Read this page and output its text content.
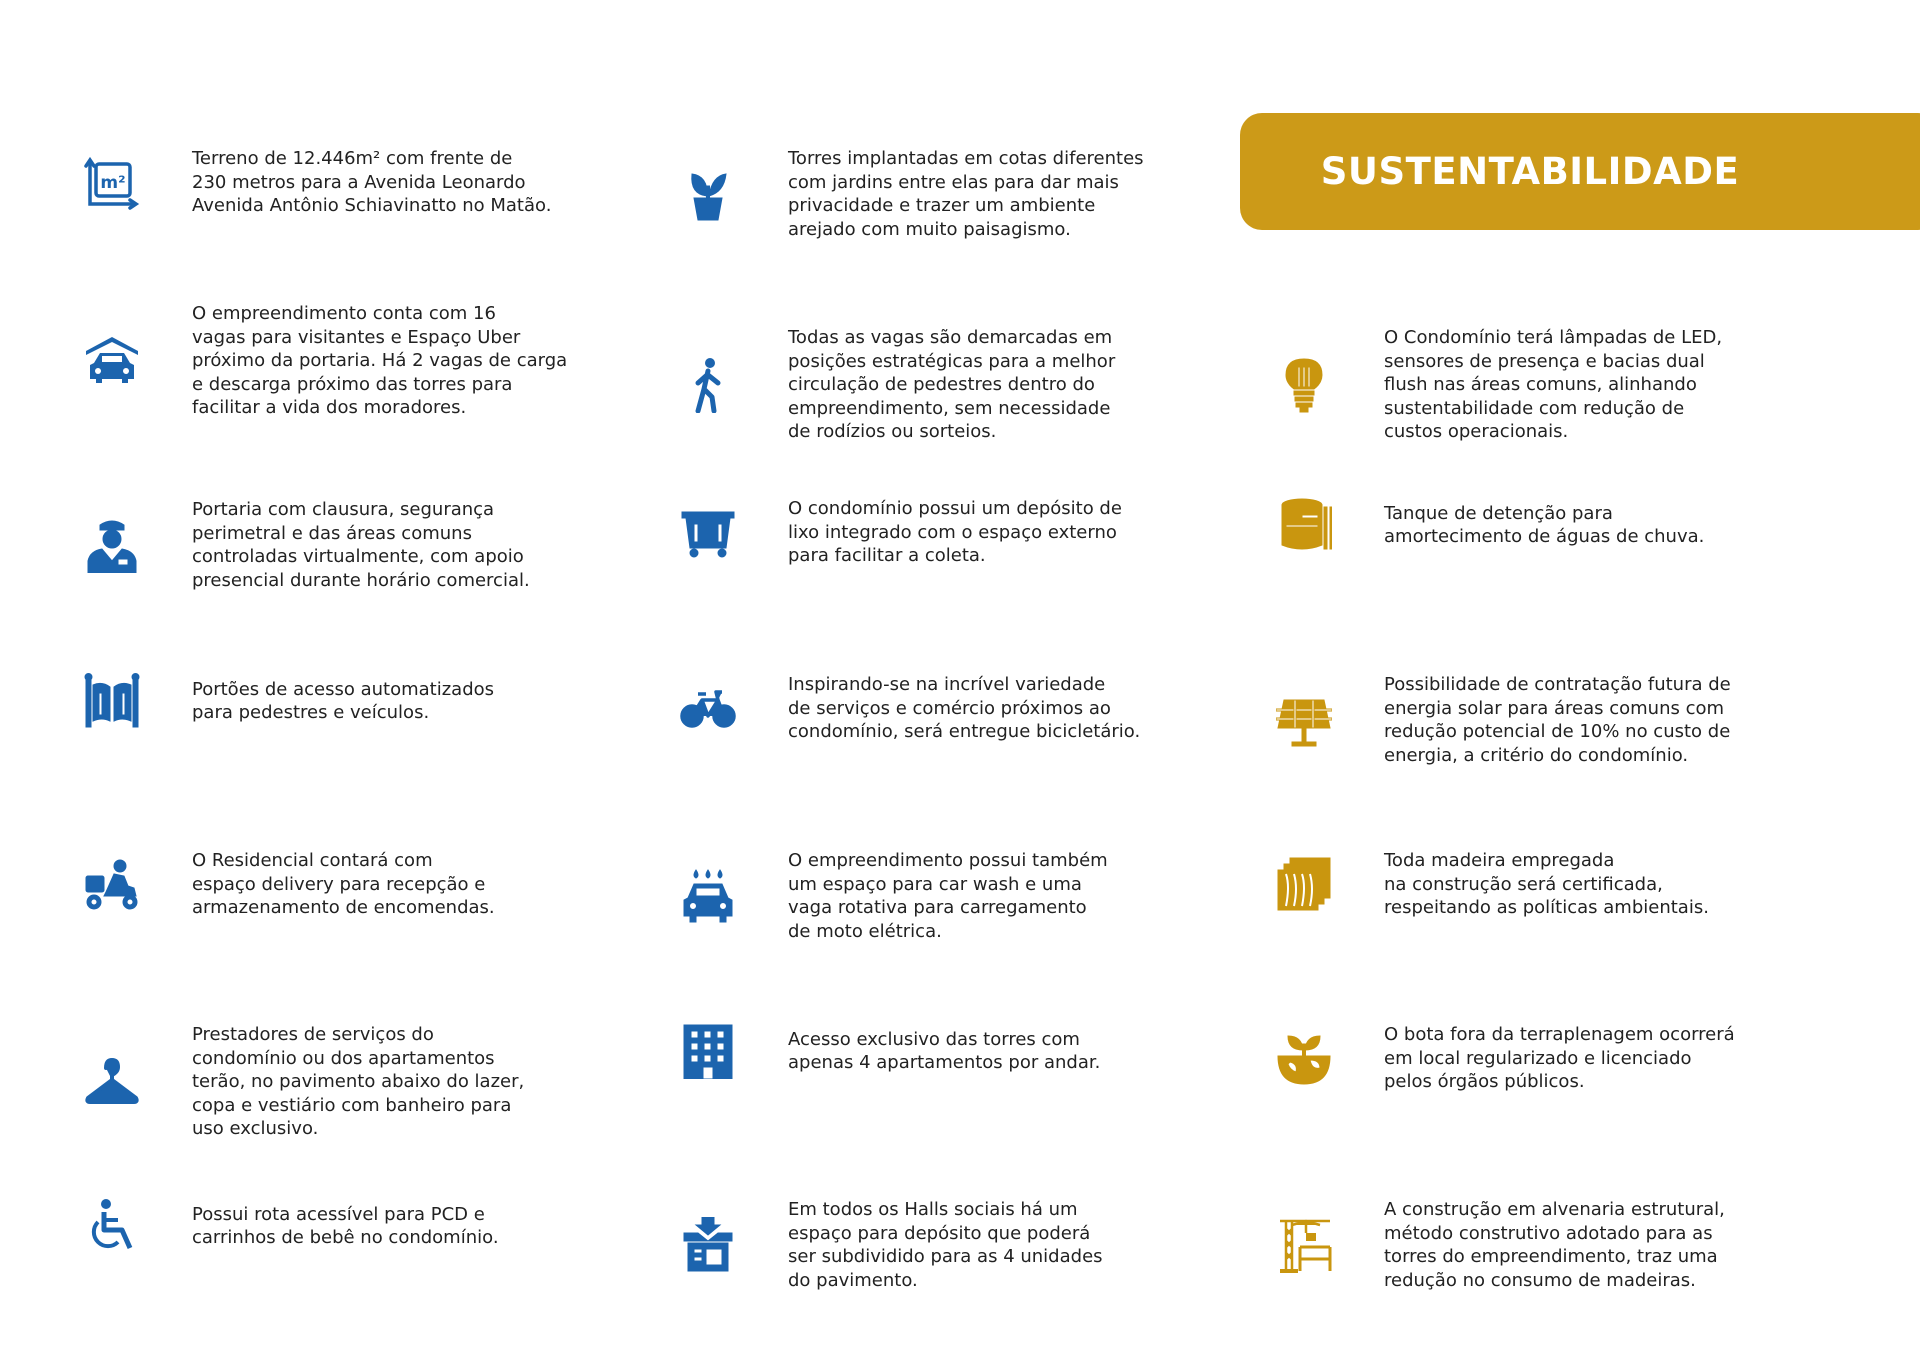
SUSTENTABILIDADE
m²
Terreno de 12.446m² com frente de
230 metros para a Avenida Leonardo
Avenida Antônio Schiavinatto no Matão.
O empreendimento conta com 16
vagas para visitantes e Espaço Uber
próximo da portaria. Há 2 vagas de carga
e descarga próximo das torres para
facilitar a vida dos moradores.
Portaria com clausura, segurança
perimetral e das áreas comuns
controladas virtualmente, com apoio
presencial durante horário comercial.
Portões de acesso automatizados
para pedestres e veículos.
O Residencial contará com
espaço delivery para recepção e
armazenamento de encomendas.
Prestadores de serviços do
condomínio ou dos apartamentos
terão, no pavimento abaixo do lazer,
copa e vestiário com banheiro para
uso exclusivo.
Possui rota acessível para PCD e
carrinhos de bebê no condomínio.
Torres implantadas em cotas diferentes
com jardins entre elas para dar mais
privacidade e trazer um ambiente
arejado com muito paisagismo.
Todas as vagas são demarcadas em
posições estratégicas para a melhor
circulação de pedestres dentro do
empreendimento, sem necessidade
de rodízios ou sorteios.
O condomínio possui um depósito de
lixo integrado com o espaço externo
para facilitar a coleta.
Inspirando-se na incrível variedade
de serviços e comércio próximos ao
condomínio, será entregue bicicletário.
O empreendimento possui também
um espaço para car wash e uma
vaga rotativa para carregamento
de moto elétrica.
Acesso exclusivo das torres com
apenas 4 apartamentos por andar.
Em todos os Halls sociais há um
espaço para depósito que poderá
ser subdividido para as 4 unidades
do pavimento.
O Condomínio terá lâmpadas de LED,
sensores de presença e bacias dual
flush nas áreas comuns, alinhando
sustentabilidade com redução de
custos operacionais.
Tanque de detenção para
amortecimento de águas de chuva.
Possibilidade de contratação futura de
energia solar para áreas comuns com
redução potencial de 10% no custo de
energia, a critério do condomínio.
Toda madeira empregada
na construção será certificada,
respeitando as políticas ambientais.
O bota fora da terraplenagem ocorrerá
em local regularizado e licenciado
pelos órgãos públicos.
A construção em alvenaria estrutural,
método construtivo adotado para as
torres do empreendimento, traz uma
redução no consumo de madeiras.
